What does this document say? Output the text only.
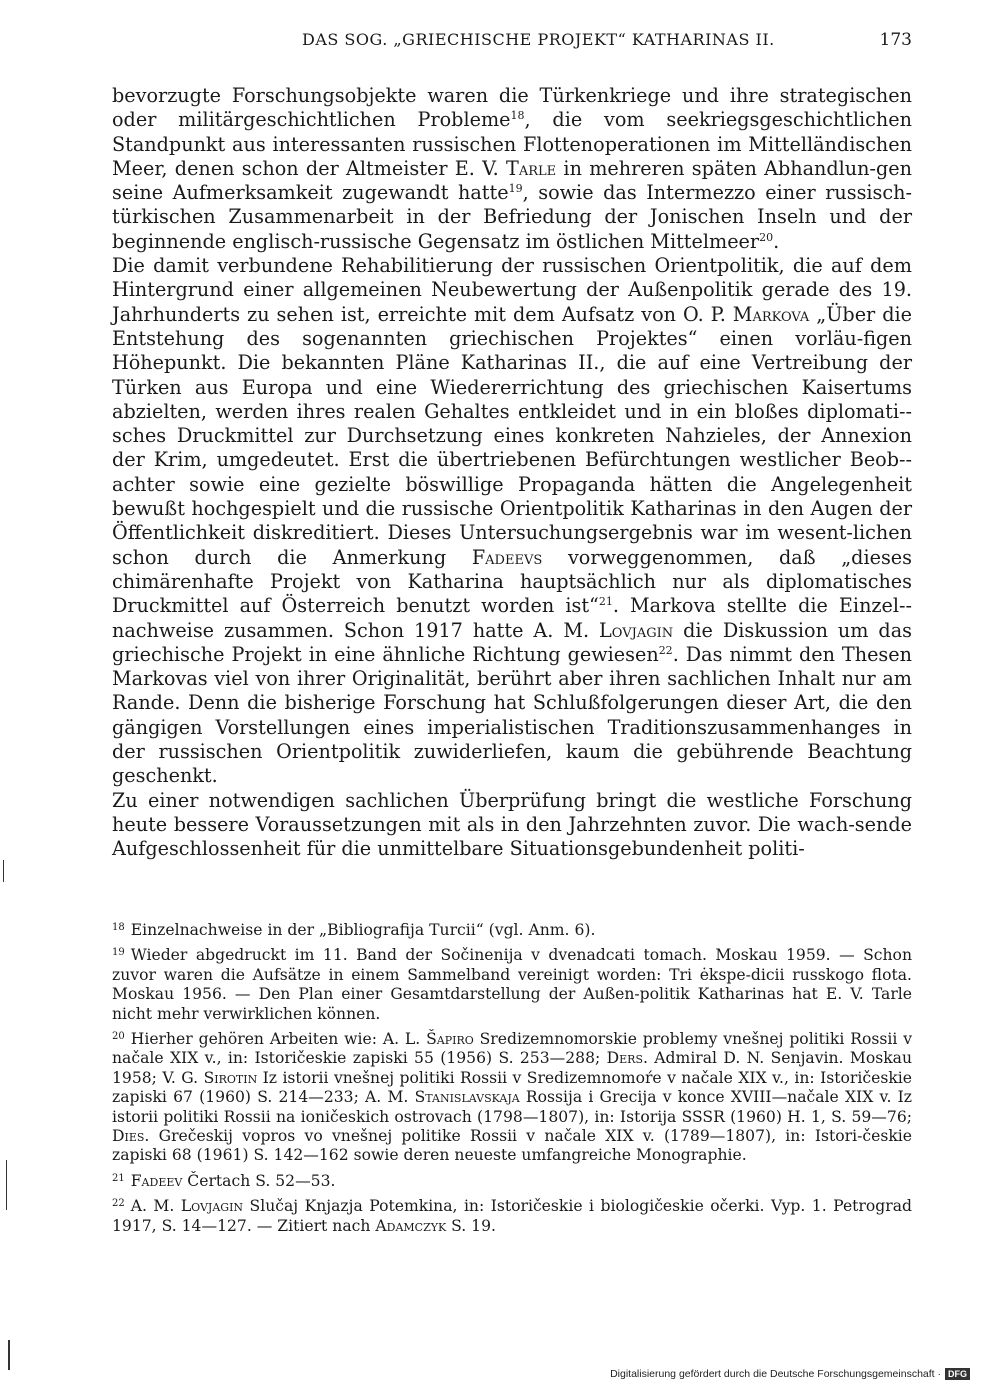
DAS SOG. „GRIECHISCHE PROJEKT“ KATHARINAS II.	173

bevorzugte Forschungsobjekte waren die Türkenkriege und ihre strategischen oder militärgeschichtlichen Probleme$^{18}$, die vom seekriegsgeschichtlichen Standpunkt aus interessanten russischen Flottenoperationen im Mittelländischen Meer, denen schon der Altmeister E. V. Tarle in mehreren späten Abhandlun-gen seine Aufmerksamkeit zugewandt hatte$^{19}$, sowie das Intermezzo einer russisch-türkischen Zusammenarbeit in der Befriedung der Jonischen Inseln und der beginnende englisch-russische Gegensatz im östlichen Mittelmeer$^{20}$.

Die damit verbundene Rehabilitierung der russischen Orientpolitik, die auf dem Hintergrund einer allgemeinen Neubewertung der Außenpolitik gerade des 19. Jahrhunderts zu sehen ist, erreichte mit dem Aufsatz von O. P. Markova „Über die Entstehung des sogenannten griechischen Projektes“ einen vorläu-figen Höhepunkt. Die bekannten Pläne Katharinas II., die auf eine Vertreibung der Türken aus Europa und eine Wiedererrichtung des griechischen Kaisertums abzielten, werden ihres realen Gehaltes entkleidet und in ein bloßes diplomati-sches Druckmittel zur Durchsetzung eines konkreten Nahzieles, der Annexion der Krim, umgedeutet. Erst die übertriebenen Befürchtungen westlicher Beob-achter sowie eine gezielte böswillige Propaganda hätten die Angelegenheit bewußt hochgespielt und die russische Orientpolitik Katharinas in den Augen der Öffentlichkeit diskreditiert. Dieses Untersuchungsergebnis war im wesent-lichen schon durch die Anmerkung Fadeevs vorweggenommen, daß „dieses chimärenhafte Projekt von Katharina hauptsächlich nur als diplomatisches Druckmittel auf Österreich benutzt worden ist“$^{21}$. Markova stellte die Einzel-nachweise zusammen. Schon 1917 hatte A. M. Lovjagin die Diskussion um das griechische Projekt in eine ähnliche Richtung gewiesen$^{22}$. Das nimmt den Thesen Markovas viel von ihrer Originalität, berührt aber ihren sachlichen Inhalt nur am Rande. Denn die bisherige Forschung hat Schlußfolgerungen dieser Art, die den gängigen Vorstellungen eines imperialistischen Traditionszusammenhanges in der russischen Orientpolitik zuwiderliefen, kaum die gebührende Beachtung geschenkt.

Zu einer notwendigen sachlichen Überprüfung bringt die westliche Forschung heute bessere Voraussetzungen mit als in den Jahrzehnten zuvor. Die wach-sende Aufgeschlossenheit für die unmittelbare Situationsgebundenheit politi-

$^{18}$ Einzelnachweise in der „Bibliografija Turcii“ (vgl. Anm. 6).

$^{19}$ Wieder abgedruckt im 11. Band der Sočinenija v dvenadcati tomach. Moskau 1959. — Schon zuvor waren die Aufsätze in einem Sammelband vereinigt worden: Tri ėkspe-dicii russkogo flota. Moskau 1956. — Den Plan einer Gesamtdarstellung der Außen-politik Katharinas hat E. V. Tarle nicht mehr verwirklichen können.

$^{20}$ Hierher gehören Arbeiten wie: A. L. Šapiro Sredizemnomorskie problemy vnešnej politiki Rossii v načale XIX v., in: Istoričeskie zapiski 55 (1956) S. 253—288; Ders. Admiral D. N. Senjavin. Moskau 1958; V. G. Sirotin Iz istorii vnešnej politiki Rossii v Sredizemnomoŕe v načale XIX v., in: Istoričeskie zapiski 67 (1960) S. 214—233; A. M. Stanislavskaja Rossija i Grecija v konce XVIII—načale XIX v. Iz istorii politiki Rossii na ioničeskich ostrovach (1798—1807), in: Istorija SSSR (1960) H. 1, S. 59—76; Dies. Grečeskij vopros vo vnešnej politike Rossii v načale XIX v. (1789—1807), in: Istori-českie zapiski 68 (1961) S. 142—162 sowie deren neueste umfangreiche Monographie.

$^{21}$ Fadeev Čertach S. 52—53.

$^{22}$ A. M. Lovjagin Slučaj Knjazja Potemkina, in: Istoričeskie i biologičeskie očerki. Vyp. 1. Petrograd 1917, S. 14—127. — Zitiert nach Adamczyk S. 19.

Digitalisierung gefördert durch die Deutsche Forschungsgemeinschaft · DFG
